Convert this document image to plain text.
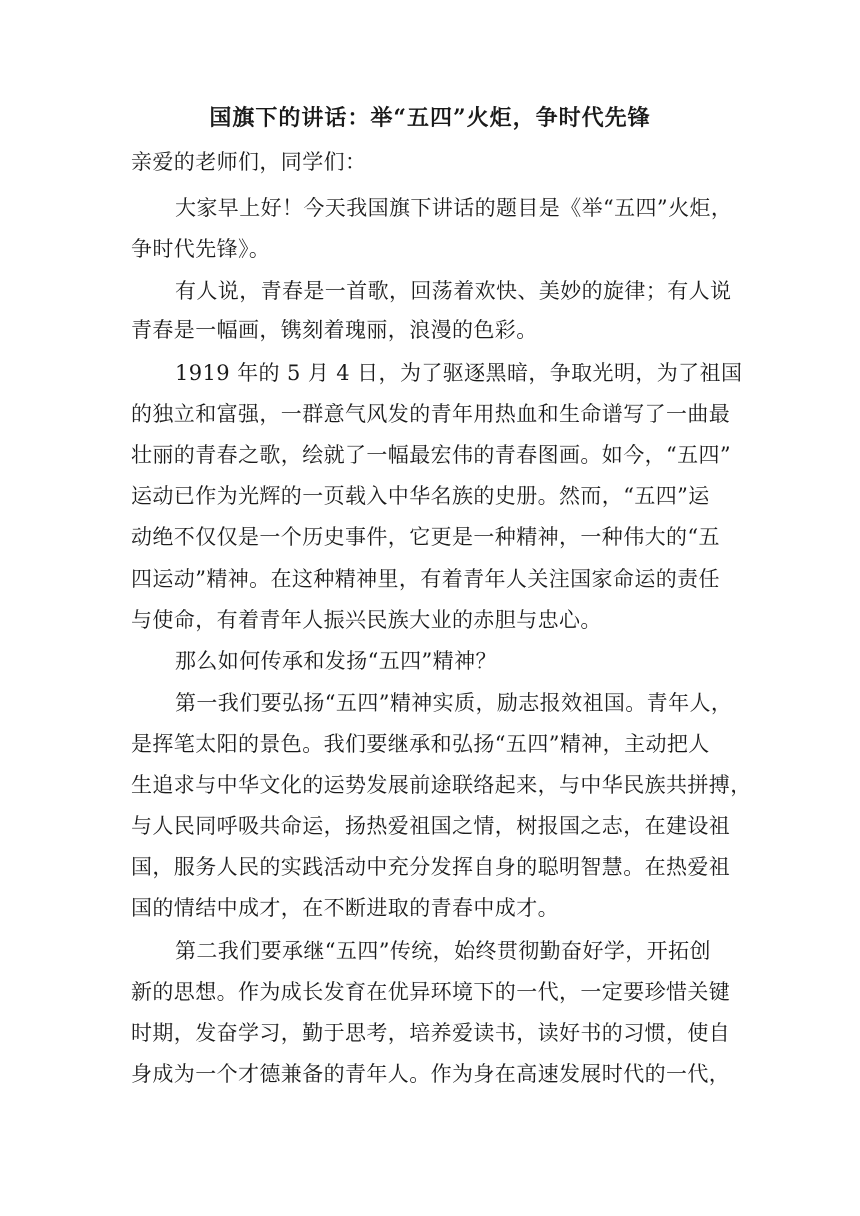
国旗下的讲话：举“五四”火炬，争时代先锋
亲爱的老师们，同学们：
大家早上好！今天我国旗下讲话的题目是《举“五四”火炬，
争时代先锋》。
有人说，青春是一首歌，回荡着欢快、美妙的旋律；有人说
青春是一幅画，镌刻着瑰丽，浪漫的色彩。
1919 年的 5 月 4 日，为了驱逐黑暗，争取光明，为了祖国
的独立和富强，一群意气风发的青年用热血和生命谱写了一曲最
壮丽的青春之歌，绘就了一幅最宏伟的青春图画。如今，“五四”
运动已作为光辉的一页载入中华名族的史册。然而，“五四”运
动绝不仅仅是一个历史事件，它更是一种精神，一种伟大的“五
四运动”精神。在这种精神里，有着青年人关注国家命运的责任
与使命，有着青年人振兴民族大业的赤胆与忠心。
那么如何传承和发扬“五四”精神？
第一我们要弘扬“五四”精神实质，励志报效祖国。青年人，
是挥笔太阳的景色。我们要继承和弘扬“五四”精神，主动把人
生追求与中华文化的运势发展前途联络起来，与中华民族共拼搏，
与人民同呼吸共命运，扬热爱祖国之情，树报国之志，在建设祖
国，服务人民的实践活动中充分发挥自身的聪明智慧。在热爱祖
国的情结中成才，在不断进取的青春中成才。
第二我们要承继“五四”传统，始终贯彻勤奋好学，开拓创
新的思想。作为成长发育在优异环境下的一代，一定要珍惜关键
时期，发奋学习，勤于思考，培养爱读书，读好书的习惯，使自
身成为一个才德兼备的青年人。作为身在高速发展时代的一代，
